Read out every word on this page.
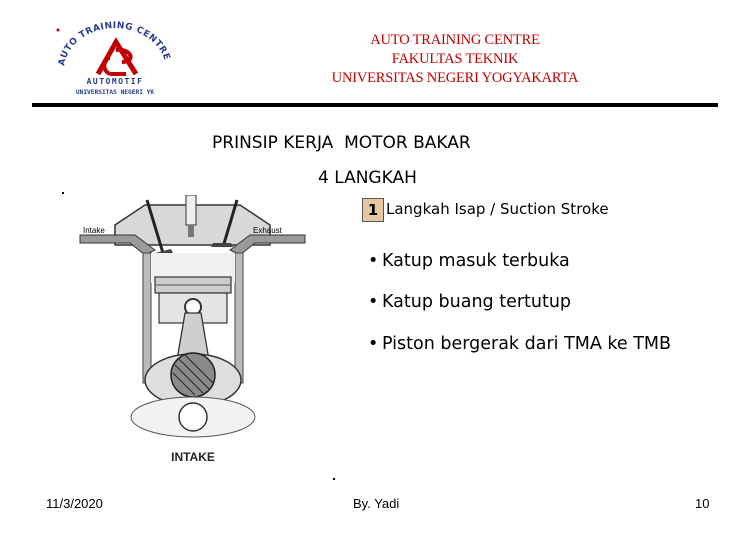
AUTO TRAINING CENTRE
AUTOMOTIF
UNIVERSITAS NEGERI YK
AUTO TRAINING CENTRE
FAKULTAS TEKNIK
UNIVERSITAS NEGERI YOGYAKARTA
PRINSIP KERJA  MOTOR BAKAR
4 LANGKAH
1 Langkah Isap / Suction Stroke
• Katup masuk terbuka
• Katup buang tertutup
• Piston bergerak dari TMA ke TMB
Intake	Exhaust
INTAKE
11/3/2020	By. Yadi	10
